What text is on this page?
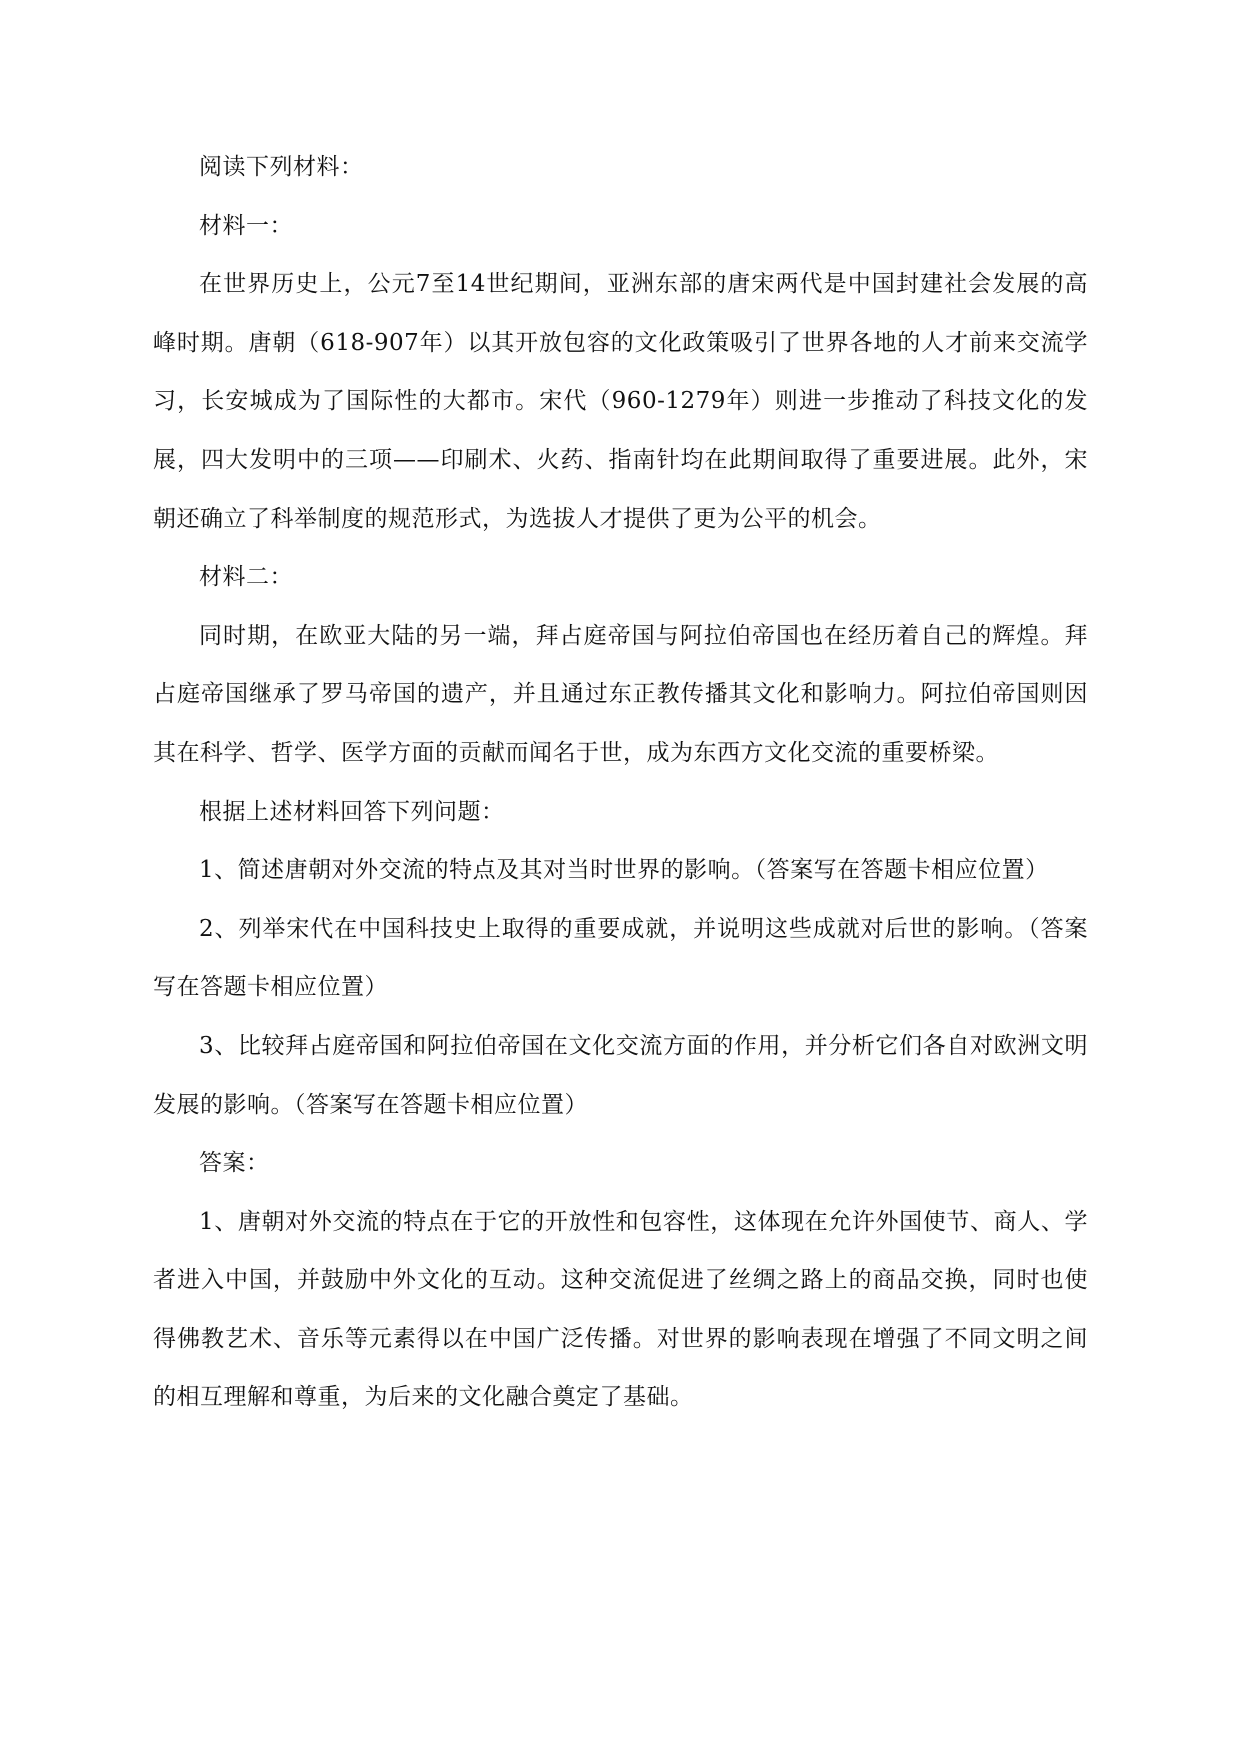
阅读下列材料：

材料一：

在世界历史上，公元7至14世纪期间，亚洲东部的唐宋两代是中国封建社会发展的高峰时期。唐朝（618-907年）以其开放包容的文化政策吸引了世界各地的人才前来交流学习，长安城成为了国际性的大都市。宋代（960-1279年）则进一步推动了科技文化的发展，四大发明中的三项——印刷术、火药、指南针均在此期间取得了重要进展。此外，宋朝还确立了科举制度的规范形式，为选拔人才提供了更为公平的机会。

材料二：

同时期，在欧亚大陆的另一端，拜占庭帝国与阿拉伯帝国也在经历着自己的辉煌。拜占庭帝国继承了罗马帝国的遗产，并且通过东正教传播其文化和影响力。阿拉伯帝国则因其在科学、哲学、医学方面的贡献而闻名于世，成为东西方文化交流的重要桥梁。

根据上述材料回答下列问题：

1、简述唐朝对外交流的特点及其对当时世界的影响。（答案写在答题卡相应位置）

2、列举宋代在中国科技史上取得的重要成就，并说明这些成就对后世的影响。（答案写在答题卡相应位置）

3、比较拜占庭帝国和阿拉伯帝国在文化交流方面的作用，并分析它们各自对欧洲文明发展的影响。（答案写在答题卡相应位置）

答案：

1、唐朝对外交流的特点在于它的开放性和包容性，这体现在允许外国使节、商人、学者进入中国，并鼓励中外文化的互动。这种交流促进了丝绸之路上的商品交换，同时也使得佛教艺术、音乐等元素得以在中国广泛传播。对世界的影响表现在增强了不同文明之间的相互理解和尊重，为后来的文化融合奠定了基础。
